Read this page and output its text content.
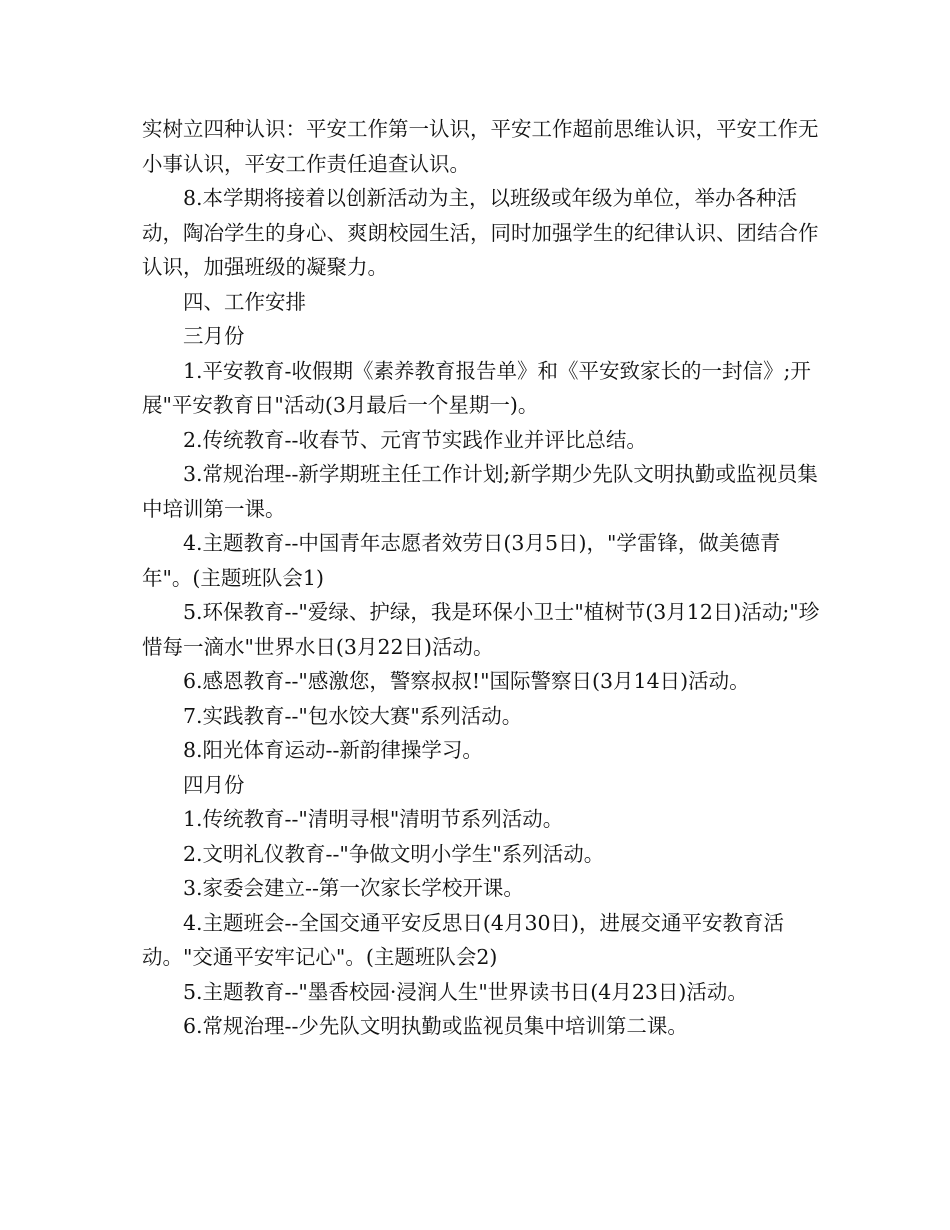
实树立四种认识：平安工作第一认识，平安工作超前思维认识，平安工作无小事认识，平安工作责任追查认识。

8.本学期将接着以创新活动为主，以班级或年级为单位，举办各种活动，陶冶学生的身心、爽朗校园生活，同时加强学生的纪律认识、团结合作认识，加强班级的凝聚力。

四、工作安排

三月份

1.平安教育-收假期《素养教育报告单》和《平安致家长的一封信》;开展"平安教育日"活动(3月最后一个星期一)。

2.传统教育--收春节、元宵节实践作业并评比总结。

3.常规治理--新学期班主任工作计划;新学期少先队文明执勤或监视员集中培训第一课。

4.主题教育--中国青年志愿者效劳日(3月5日)，"学雷锋，做美德青年"。(主题班队会1)

5.环保教育--"爱绿、护绿，我是环保小卫士"植树节(3月12日)活动;"珍惜每一滴水"世界水日(3月22日)活动。

6.感恩教育--"感激您，警察叔叔!"国际警察日(3月14日)活动。

7.实践教育--"包水饺大赛"系列活动。

8.阳光体育运动--新韵律操学习。

四月份

1.传统教育--"清明寻根"清明节系列活动。

2.文明礼仪教育--"争做文明小学生"系列活动。

3.家委会建立--第一次家长学校开课。

4.主题班会--全国交通平安反思日(4月30日)，进展交通平安教育活动。"交通平安牢记心"。(主题班队会2)

5.主题教育--"墨香校园·浸润人生"世界读书日(4月23日)活动。

6.常规治理--少先队文明执勤或监视员集中培训第二课。
